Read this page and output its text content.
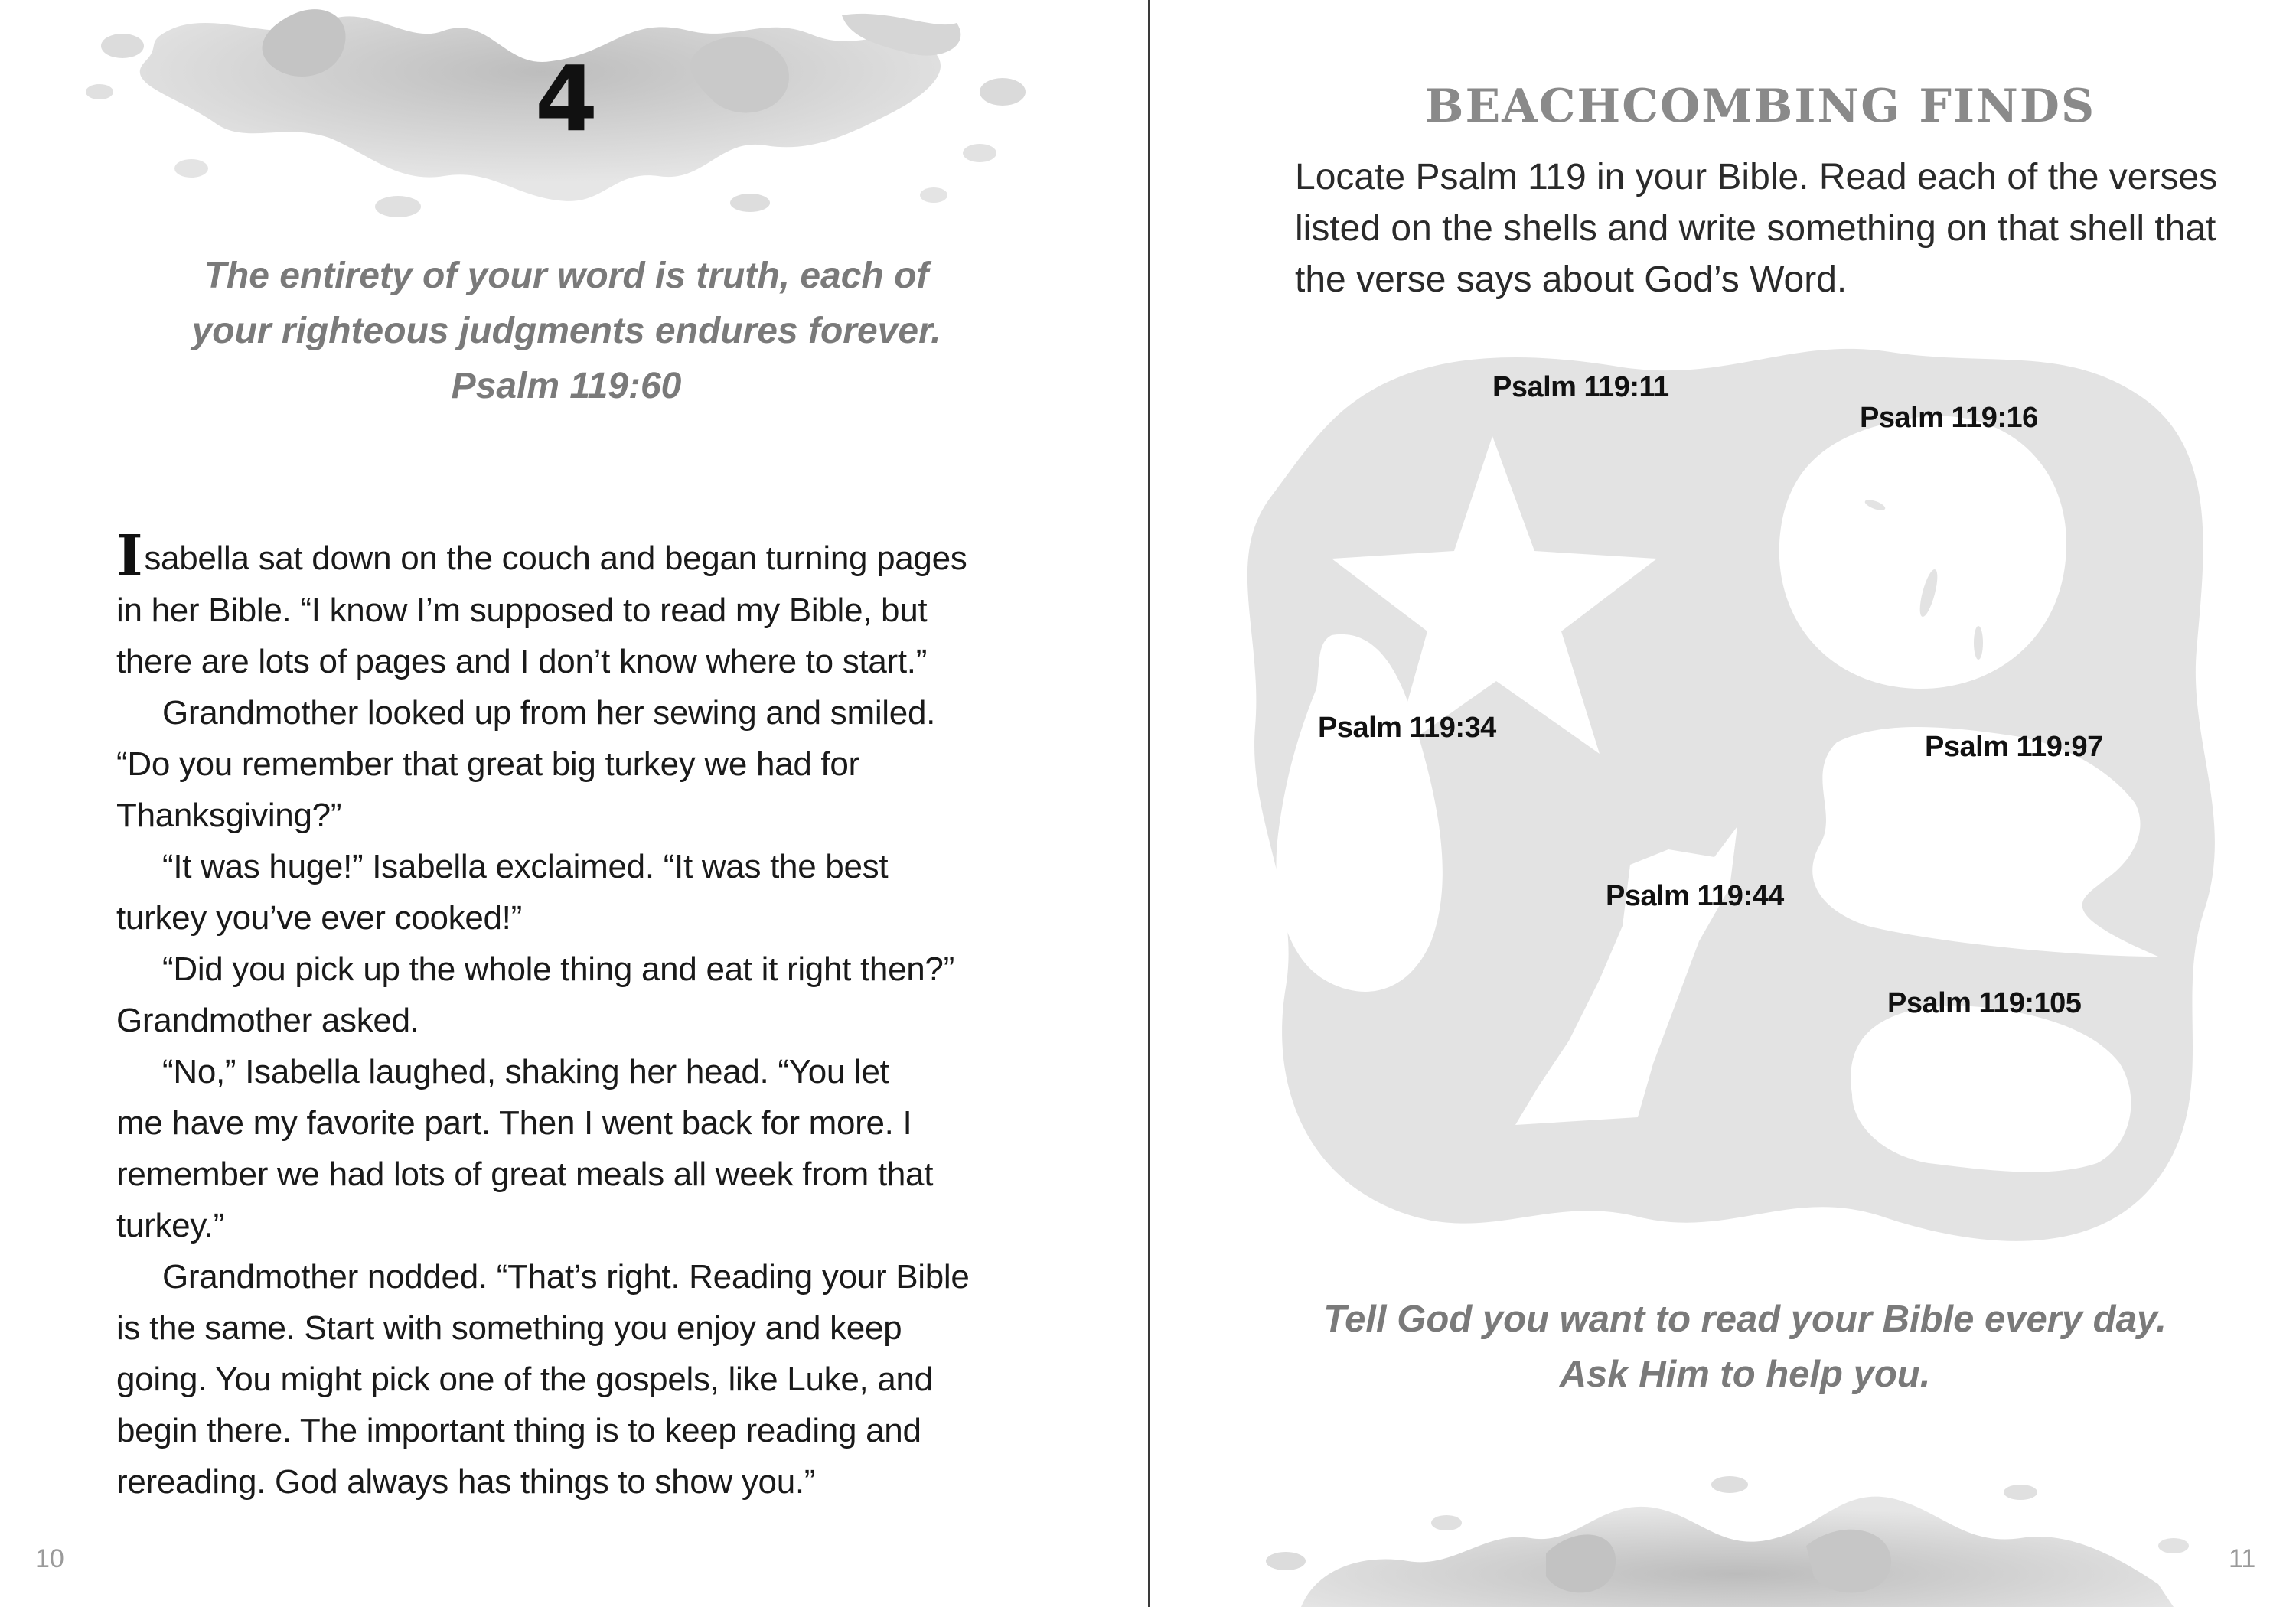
4
The entirety of your word is truth, each of
your righteous judgments endures forever.
Psalm 119:60
Isabella sat down on the couch and began turning pages
in her Bible. “I know I’m supposed to read my Bible, but
there are lots of pages and I don’t know where to start.”
Grandmother looked up from her sewing and smiled.
“Do you remember that great big turkey we had for
Thanksgiving?”
“It was huge!” Isabella exclaimed. “It was the best
turkey you’ve ever cooked!”
“Did you pick up the whole thing and eat it right then?”
Grandmother asked.
“No,” Isabella laughed, shaking her head. “You let
me have my favorite part. Then I went back for more. I
remember we had lots of great meals all week from that
turkey.”
Grandmother nodded. “That’s right. Reading your Bible
is the same. Start with something you enjoy and keep
going. You might pick one of the gospels, like Luke, and
begin there. The important thing is to keep reading and
rereading. God always has things to show you.”
10
BEACHCOMBING FINDS
Locate Psalm 119 in your Bible. Read each of the verses
listed on the shells and write something on that shell that
the verse says about God’s Word.
Psalm 119:11
Psalm 119:16
Psalm 119:34
Psalm 119:97
Psalm 119:44
Psalm 119:105
Tell God you want to read your Bible every day.
Ask Him to help you.
11
